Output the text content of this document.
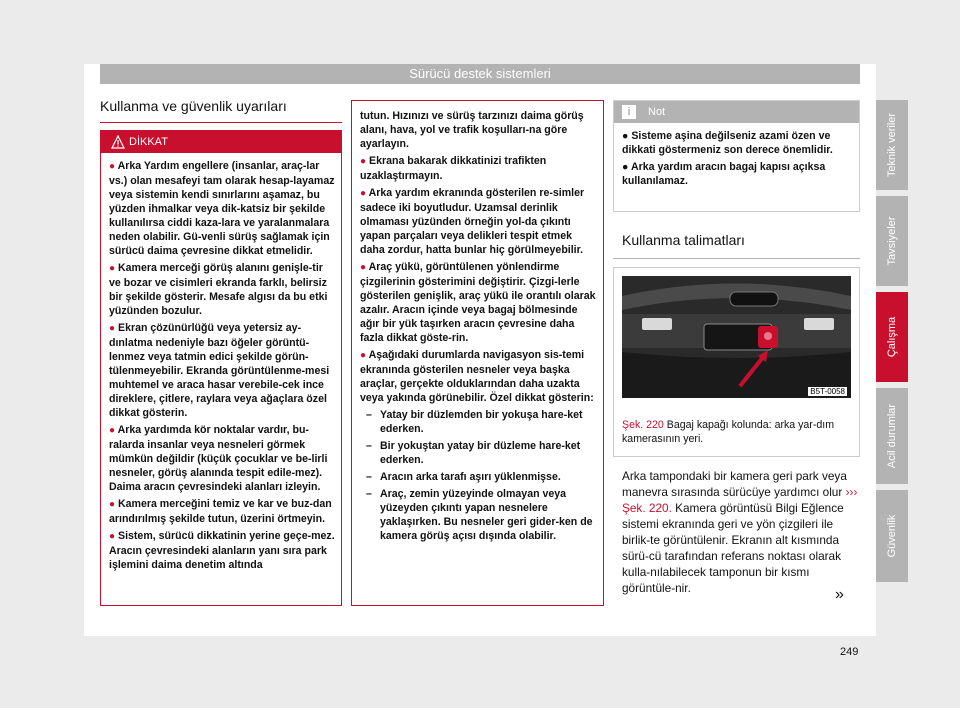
Sürücü destek sistemleri
Kullanma ve güvenlik uyarıları
DİKKAT

● Arka Yardım engellere (insanlar, araç-lar vs.) olan mesafeyi tam olarak hesap-layamaz veya sistemin kendi sınırlarını aşamaz, bu yüzden ihmalkar veya dik-katsiz bir şekilde kullanılırsa ciddi kaza-lara ve yaralanmalara neden olabilir. Gü-venli sürüş sağlamak için sürücü daima çevresine dikkat etmelidir.

● Kamera merceği görüş alanını genişle-tir ve bozar ve cisimleri ekranda farklı, belirsiz bir şekilde gösterir. Mesafe algısı da bu etki yüzünden bozulur.

● Ekran çözünürlüğü veya yetersiz ay-dınlatma nedeniyle bazı öğeler görüntü-lenmez veya tatmin edici şekilde görün-tülenmeyebilir. Ekranda görüntülenme-mesi muhtemel ve araca hasar verebile-cek ince direklere, çitlere, raylara veya ağaçlara özel dikkat gösterin.

● Arka yardımda kör noktalar vardır, bu-ralarda insanlar veya nesneleri görmek mümkün değildir (küçük çocuklar ve be-lirli nesneler, görüş alanında tespit edile-mez). Daima aracın çevresindeki alanları izleyin.

● Kamera merceğini temiz ve kar ve buz-dan arındırılmış şekilde tutun, üzerini örtmeyin.

● Sistem, sürücü dikkatinin yerine geçe-mez. Aracın çevresindeki alanların yanı sıra park işlemini daima denetim altında

tutun. Hızınızı ve sürüş tarzınızı daima görüş alanı, hava, yol ve trafik koşulları-na göre ayarlayın.

● Ekrana bakarak dikkatinizi trafikten uzaklaştırmayın.

● Arka yardım ekranında gösterilen re-simler sadece iki boyutludur. Uzamsal derinlik olmaması yüzünden örneğin yol-da çıkıntı yapan parçaları veya delikleri tespit etmek daha zordur, hatta bunlar hiç görülmeyebilir.

● Araç yükü, görüntülenen yönlendirme çizgilerinin gösterimini değiştirir. Çizgi-lerle gösterilen genişlik, araç yükü ile orantılı olarak azalır. Aracın içinde veya bagaj bölmesinde ağır bir yük taşırken aracın çevresine daha fazla dikkat göste-rin.

● Aşağıdaki durumlarda navigasyon sis-temi ekranında gösterilen nesneler veya başka araçlar, gerçekte olduklarından daha uzakta veya yakında görünebilir. Özel dikkat gösterin:

– Yatay bir düzlemden bir yokuşa hare-ket ederken.
– Bir yokuştan yatay bir düzleme hare-ket ederken.
– Aracın arka tarafı aşırı yüklenmişse.
– Araç, zemin yüzeyinde olmayan veya yüzeyden çıkıntı yapan nesnelere yaklaşırken. Bu nesneler geri gider-ken de kamera görüş açısı dışında olabilir.
i	Not

● Sisteme aşina değilseniz azami özen ve dikkati göstermeniz son derece önemlidir.

● Arka yardım aracın bagaj kapısı açıksa kullanılamaz.

Kullanma talimatları
B5T-0058
Şek. 220 Bagaj kapağı kolunda: arka yar-dım kamerasının yeri.
Arka tampondaki bir kamera geri park veya manevra sırasında sürücüye yardımcı olur ››› Şek. 220. Kamera görüntüsü Bilgi Eğlence sistemi ekranında geri ve yön çizgileri ile birlik-te görüntülenir. Ekranın alt kısmında sürü-cü tarafından referans noktası olarak kulla-nılabilecek tamponun bir kısmı görüntüle-nir.	»
249
Teknik veriler
Tavsiyeler
Çalışma
Acil durumlar
Güvenlik
